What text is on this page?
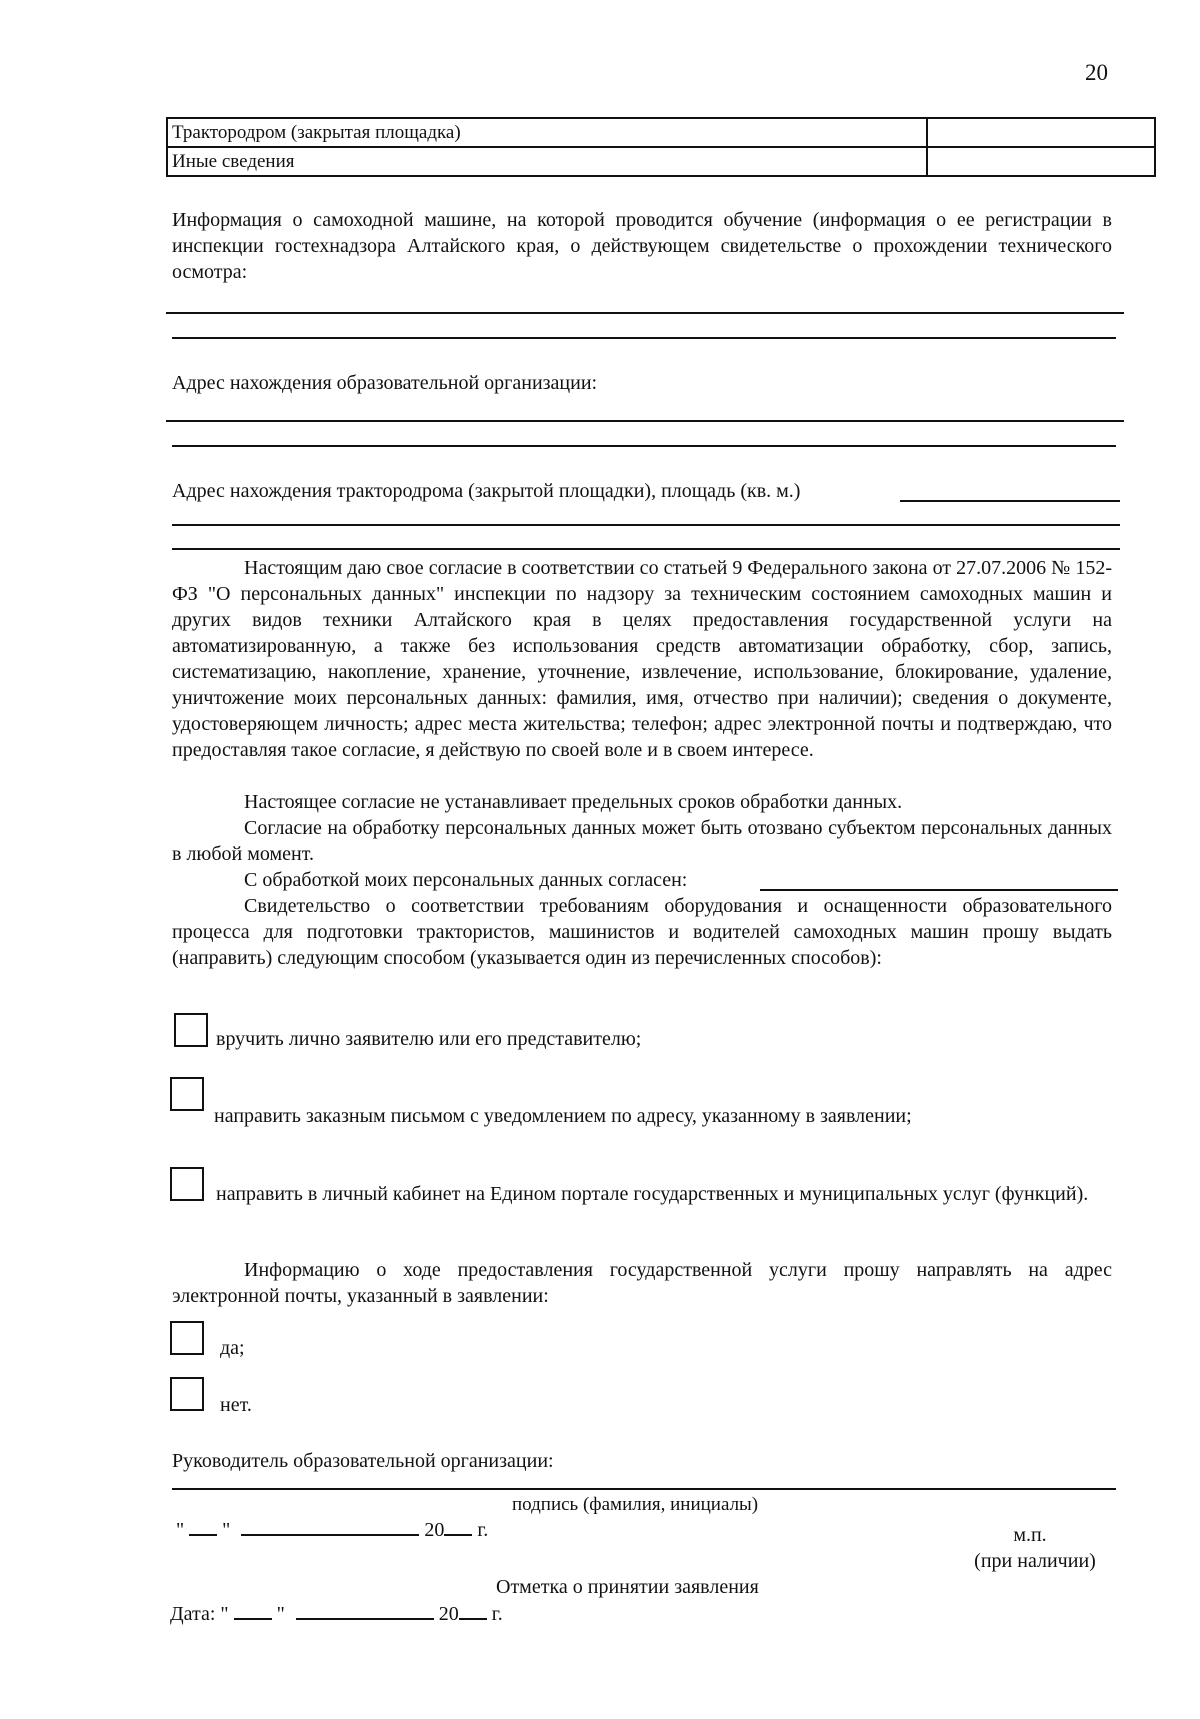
20
Трактородром (закрытая площадка)	
Иные сведения	
Информация о самоходной машине, на которой проводится обучение (информация о ее регистрации в инспекции гостехнадзора Алтайского края, о действующем свидетельстве о прохождении технического осмотра:
Адрес нахождения образовательной организации:
Адрес нахождения трактородрома (закрытой площадки), площадь (кв. м.)
Настоящим даю свое согласие в соответствии со статьей 9 Федерального закона от 27.07.2006 № 152-ФЗ "О персональных данных" инспекции по надзору за техническим состоянием самоходных машин и других видов техники Алтайского края в целях предоставления государственной услуги на автоматизированную, а также без использования средств автоматизации обработку, сбор, запись, систематизацию, накопление, хранение, уточнение, извлечение, использование, блокирование, удаление, уничтожение моих персональных данных: фамилия, имя, отчество при наличии); сведения о документе, удостоверяющем личность; адрес места жительства; телефон; адрес электронной почты и подтверждаю, что предоставляя такое согласие, я действую по своей воле и в своем интересе.
Настоящее согласие не устанавливает предельных сроков обработки данных.
Согласие на обработку персональных данных может быть отозвано субъектом персональных данных в любой момент.
С обработкой моих персональных данных согласен:
Свидетельство о соответствии требованиям оборудования и оснащенности образовательного процесса для подготовки трактористов, машинистов и водителей самоходных машин прошу выдать (направить) следующим способом (указывается один из перечисленных способов):
вручить лично заявителю или его представителю;
направить заказным письмом с уведомлением по адресу, указанному в заявлении;
направить в личный кабинет на Едином портале государственных и муниципальных услуг (функций).
Информацию о ходе предоставления государственной услуги прошу направлять на адрес электронной почты, указанный в заявлении:
да;
нет.
Руководитель образовательной организации:
подпись (фамилия, инициалы)
" "	20 г.	м.п.
(при наличии)
Отметка о принятии заявления
Дата: " "	20 г.
